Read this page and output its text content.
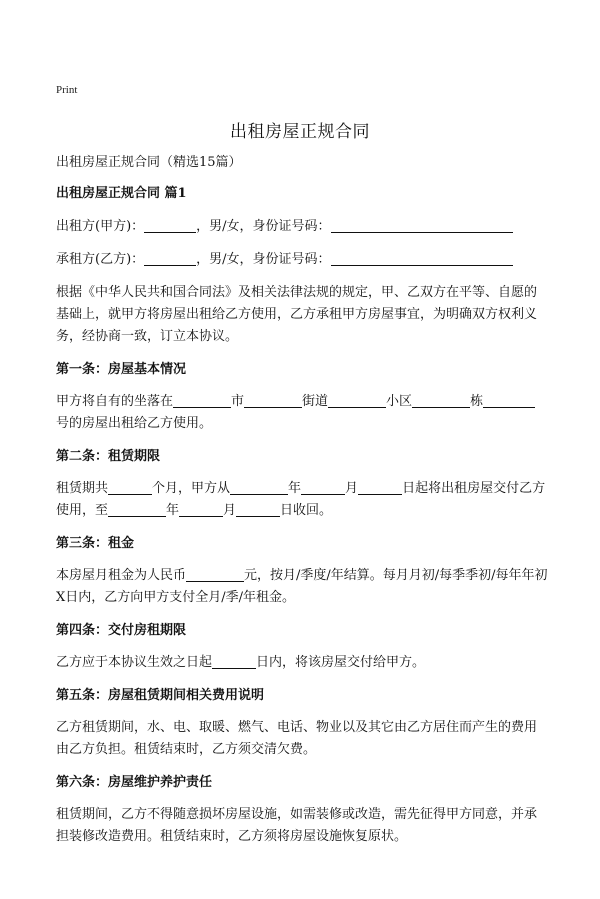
Print
出租房屋正规合同
出租房屋正规合同（精选15篇）
出租房屋正规合同 篇1
出租方(甲方)：	，男/女，身份证号码：
承租方(乙方)：	，男/女，身份证号码：
根据《中华人民共和国合同法》及相关法律法规的规定，甲、乙双方在平等、自愿的基础上，就甲方将房屋出租给乙方使用，乙方承租甲方房屋事宜，为明确双方权利义务，经协商一致，订立本协议。
第一条：房屋基本情况
甲方将自有的坐落在	市	街道	小区	栋号的房屋出租给乙方使用。
第二条：租赁期限
租赁期共	个月，甲方从	年	月	日起将出租房屋交付乙方使用，至	年	月	日收回。
第三条：租金
本房屋月租金为人民币	元，按月/季度/年结算。每月月初/每季季初/每年年初X日内，乙方向甲方支付全月/季/年租金。
第四条：交付房租期限
乙方应于本协议生效之日起	日内，将该房屋交付给甲方。
第五条：房屋租赁期间相关费用说明
乙方租赁期间，水、电、取暖、燃气、电话、物业以及其它由乙方居住而产生的费用由乙方负担。租赁结束时，乙方须交清欠费。
第六条：房屋维护养护责任
租赁期间，乙方不得随意损坏房屋设施，如需装修或改造，需先征得甲方同意，并承担装修改造费用。租赁结束时，乙方须将房屋设施恢复原状。
